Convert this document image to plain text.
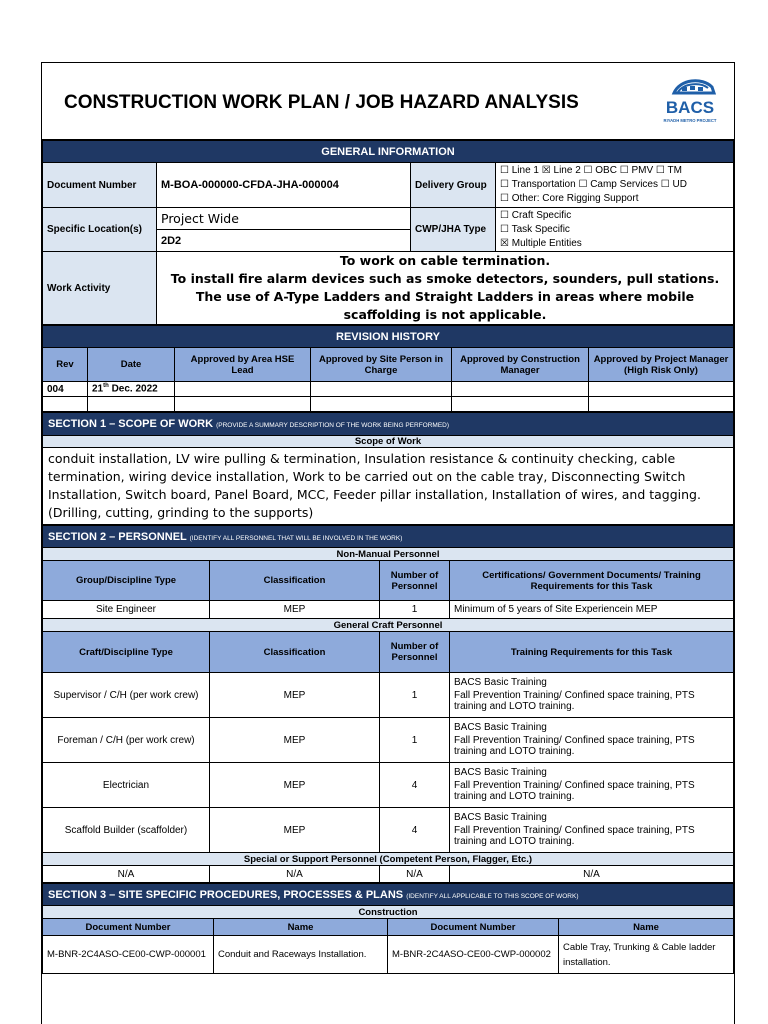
CONSTRUCTION WORK PLAN / JOB HAZARD ANALYSIS	BACS
RIYADH METRO PROJECT
GENERAL INFORMATION			
Document Number	M-BOA-000000-CFDA-JHA-000004	Delivery Group	☐ Line 1 ☒ Line 2 ☐ OBC ☐ PMV ☐ TM
☐ Transportation ☐ Camp Services ☐ UD
☐ Other: Core Rigging Support

Specific Location(s)	Project Wide	CWP/JHA Type	☐ Craft Specific
☐ Task Specific
☒ Multiple Entities

	2D2		
Work Activity	To work on cable termination.
To install fire alarm devices such as smoke detectors, sounders, pull stations.
The use of A-Type Ladders and Straight Ladders in areas where mobile scaffolding is not applicable.		
REVISION HISTORY					
Rev	Date	Approved by Area HSE Lead	Approved by Site Person in Charge	Approved by Construction Manager	Approved by Project Manager (High Risk Only)
004	21th Dec. 2022				

SECTION 1 – SCOPE OF WORK (PROVIDE A SUMMARY DESCRIPTION OF THE WORK BEING PERFORMED)
Scope of Work
conduit installation, LV wire pulling & termination, Insulation resistance & continuity checking, cable termination, wiring device installation, Work to be carried out on the cable tray, Disconnecting Switch Installation, Switch board, Panel Board, MCC, Feeder pillar installation, Installation of wires, and tagging. (Drilling, cutting, grinding to the supports)
SECTION 2 – PERSONNEL (IDENTIFY ALL PERSONNEL THAT WILL BE INVOLVED IN THE WORK)			
Non-Manual Personnel			
Group/Discipline Type	Classification	Number of Personnel	Certifications/ Government Documents/ Training Requirements for this Task
Site Engineer	MEP	1	Minimum of 5 years of Site Experiencein MEP
General Craft Personnel			
Craft/Discipline Type	Classification	Number of Personnel	Training Requirements for this Task
Supervisor / C/H (per work crew)	MEP	1	BACS Basic Training
Fall Prevention Training/ Confined space training, PTS training and LOTO training.

Foreman / C/H (per work crew)	MEP	1	BACS Basic Training
Fall Prevention Training/ Confined space training, PTS training and LOTO training.

Electrician	MEP	4	BACS Basic Training
Fall Prevention Training/ Confined space training, PTS training and LOTO training.

Scaffold Builder (scaffolder)	MEP	4	BACS Basic Training
Fall Prevention Training/ Confined space training, PTS training and LOTO training.

Special or Support Personnel (Competent Person, Flagger, Etc.)			
N/A	N/A	N/A	N/A
SECTION 3 – SITE SPECIFIC PROCEDURES, PROCESSES & PLANS (IDENTIFY ALL APPLICABLE TO THIS SCOPE OF WORK)			
Construction			
Document Number	Name	Document Number	Name
M-BNR-2C4ASO-CE00-CWP-000001	Conduit and Raceways Installation.	M-BNR-2C4ASO-CE00-CWP-000002	Cable Tray, Trunking & Cable ladder installation.
